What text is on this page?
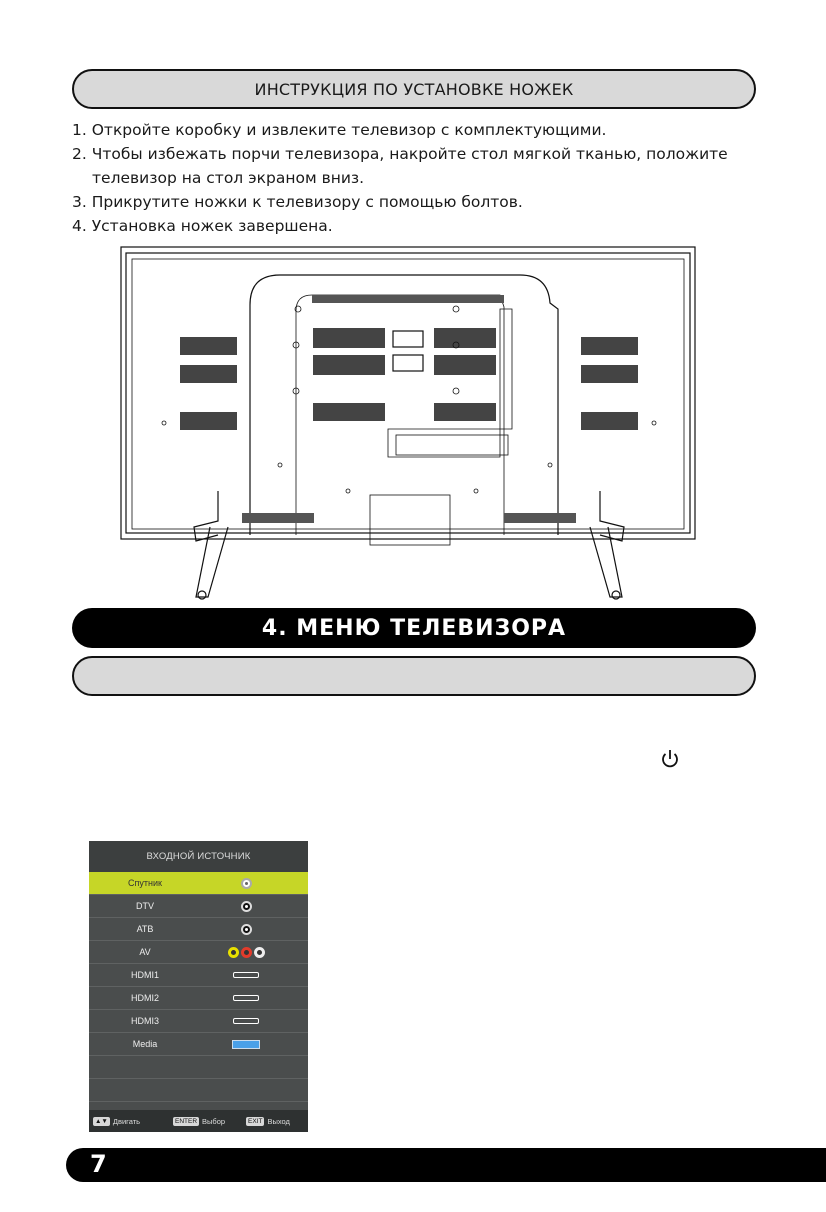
ИНСТРУКЦИЯ ПО УСТАНОВКЕ НОЖЕК
1. Откройте коробку и извлеките телевизор с комплектующими.
2. Чтобы избежать порчи телевизора, накройте стол мягкой тканью, положите
телевизор на стол экраном вниз.
3. Прикрутите ножки к телевизору с помощью болтов.
4. Установка ножек завершена.
4. МЕНЮ ТЕЛЕВИЗОРА
ВХОДНОЙ ИСТОЧНИК
Спутник
DTV
АТВ
AV
HDMI1
HDMI2
HDMI3
Media
▲▼ Двигать	ENTER Выбор	EXIT Выход
7
